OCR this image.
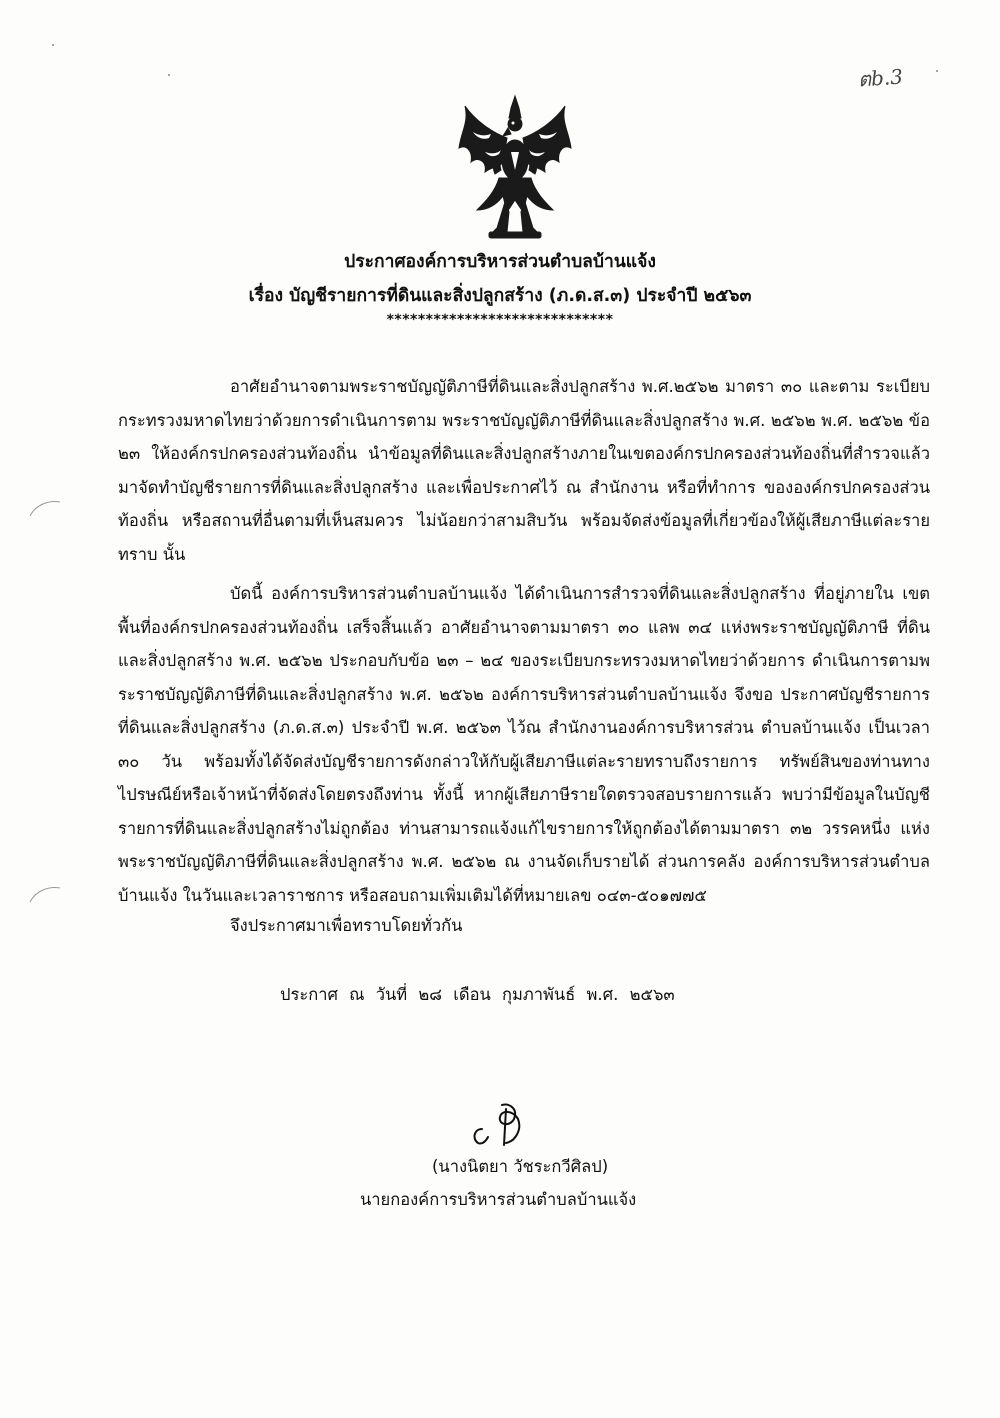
ตb.3
ประกาศองค์การบริหารส่วนตำบลบ้านแจ้ง
เรื่อง บัญชีรายการที่ดินและสิ่งปลูกสร้าง (ภ.ด.ส.๓) ประจำปี ๒๕๖๓
*****************************

อาศัยอำนาจตามพระราชบัญญัติภาษีที่ดินและสิ่งปลูกสร้าง พ.ศ.๒๕๖๒ มาตรา ๓๐ และตาม ระเบียบกระทรวงมหาดไทยว่าด้วยการดำเนินการตาม พระราชบัญญัติภาษีที่ดินและสิ่งปลูกสร้าง พ.ศ. ๒๕๖๒ พ.ศ. ๒๕๖๒ ข้อ ๒๓ ให้องค์กรปกครองส่วนท้องถิ่น นำข้อมูลที่ดินและสิ่งปลูกสร้างภายในเขตองค์กรปกครองส่วนท้องถิ่นที่สำรวจแล้ว มาจัดทำบัญชีรายการที่ดินและสิ่งปลูกสร้าง และเพื่อประกาศไว้ ณ สำนักงาน หรือที่ทำการ ขององค์กรปกครองส่วนท้องถิ่น หรือสถานที่อื่นตามที่เห็นสมควร ไม่น้อยกว่าสามสิบวัน พร้อมจัดส่งข้อมูลที่เกี่ยวข้องให้ผู้เสียภาษีแต่ละรายทราบ นั้น

บัดนี้ องค์การบริหารส่วนตำบลบ้านแจ้ง ได้ดำเนินการสำรวจที่ดินและสิ่งปลูกสร้าง ที่อยู่ภายใน เขตพื้นที่องค์กรปกครองส่วนท้องถิ่น เสร็จสิ้นแล้ว อาศัยอำนาจตามมาตรา ๓๐ แลพ ๓๔ แห่งพระราชบัญญัติภาษี ที่ดินและสิ่งปลูกสร้าง พ.ศ. ๒๕๖๒ ประกอบกับข้อ ๒๓ – ๒๔ ของระเบียบกระทรวงมหาดไทยว่าด้วยการ ดำเนินการตามพระราชบัญญัติภาษีที่ดินและสิ่งปลูกสร้าง พ.ศ. ๒๕๖๒ องค์การบริหารส่วนตำบลบ้านแจ้ง จึงขอ ประกาศบัญชีรายการที่ดินและสิ่งปลูกสร้าง (ภ.ด.ส.๓) ประจำปี พ.ศ. ๒๕๖๓ ไว้ณ สำนักงานองค์การบริหารส่วน ตำบลบ้านแจ้ง เป็นเวลา ๓๐ วัน พร้อมทั้งได้จัดส่งบัญชีรายการดังกล่าวให้กับผู้เสียภาษีแต่ละรายทราบถึงรายการ ทรัพย์สินของท่านทางไปรษณีย์หรือเจ้าหน้าที่จัดส่งโดยตรงถึงท่าน ทั้งนี้ หากผู้เสียภาษีรายใดตรวจสอบรายการแล้ว พบว่ามีข้อมูลในบัญชีรายการที่ดินและสิ่งปลูกสร้างไม่ถูกต้อง ท่านสามารถแจ้งแก้ไขรายการให้ถูกต้องได้ตามมาตรา ๓๒ วรรคหนึ่ง แห่งพระราชบัญญัติภาษีที่ดินและสิ่งปลูกสร้าง พ.ศ. ๒๕๖๒ ณ งานจัดเก็บรายได้ ส่วนการคลัง องค์การบริหารส่วนตำบลบ้านแจ้ง ในวันและเวลาราชการ หรือสอบถามเพิ่มเติมได้ที่หมายเลข ๐๔๓-๕๐๑๗๗๕

จึงประกาศมาเพื่อทราบโดยทั่วกัน
ประกาศ ณ วันที่ ๒๘ เดือน กุมภาพันธ์ พ.ศ. ๒๕๖๓
(นางนิตยา วัชระกวีศิลป)
นายกองค์การบริหารส่วนตำบลบ้านแจ้ง
